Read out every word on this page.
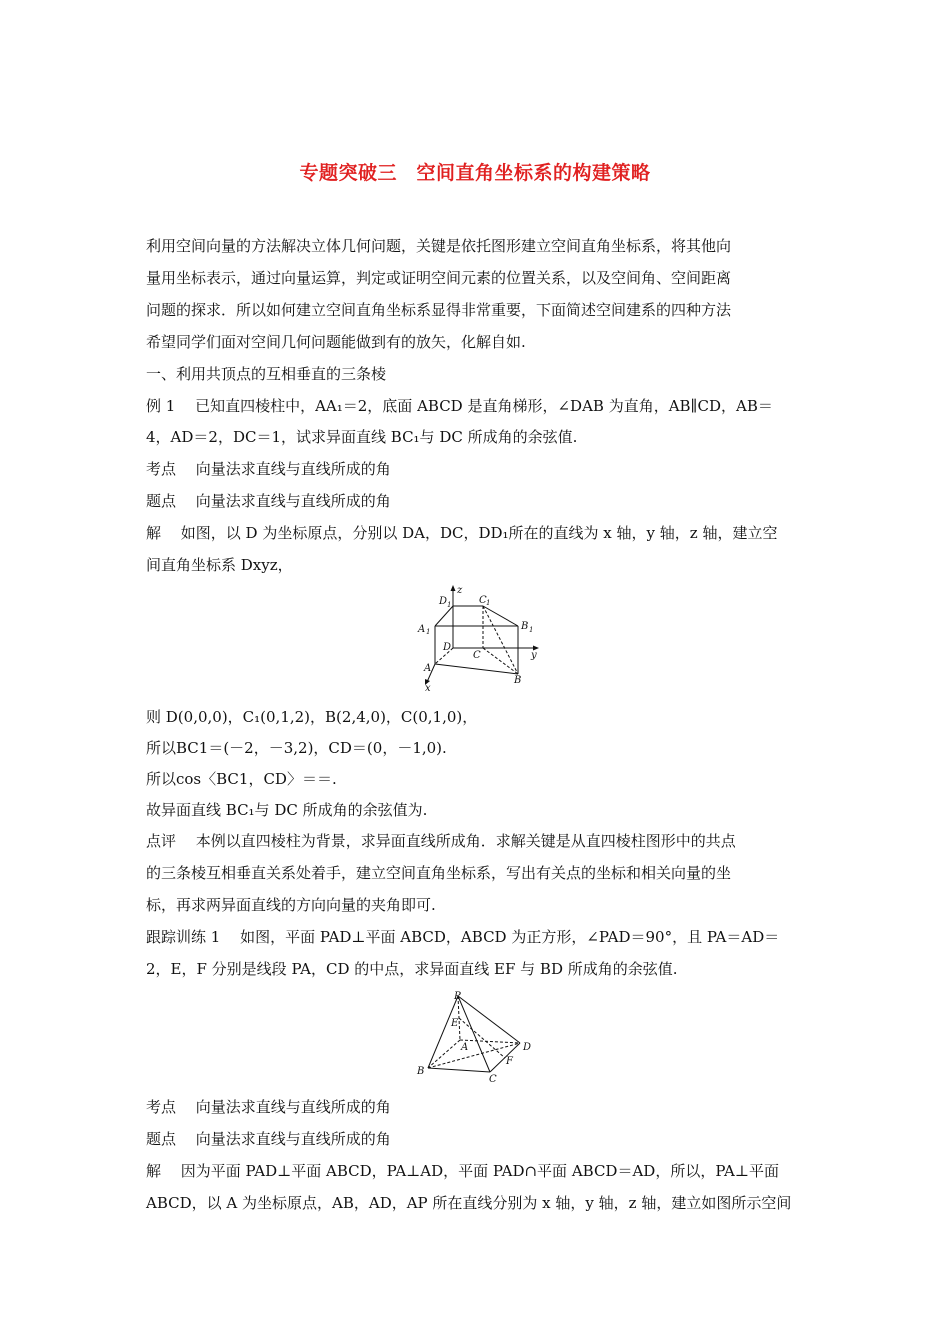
专题突破三　空间直角坐标系的构建策略
利用空间向量的方法解决立体几何问题，关键是依托图形建立空间直角坐标系，将其他向
量用坐标表示，通过向量运算，判定或证明空间元素的位置关系，以及空间角、空间距离
问题的探求．所以如何建立空间直角坐标系显得非常重要，下面简述空间建系的四种方法
希望同学们面对空间几何问题能做到有的放矢，化解自如.
一、利用共顶点的互相垂直的三条棱
例 1　 已知直四棱柱中，AA₁＝2，底面 ABCD 是直角梯形，∠DAB 为直角，AB∥CD，AB＝
4，AD＝2，DC＝1，试求异面直线 BC₁与 DC 所成角的余弦值.
考点　 向量法求直线与直线所成的角
题点　 向量法求直线与直线所成的角
解　 如图，以 D 为坐标原点，分别以 DA，DC，DD₁所在的直线为 x 轴，y 轴，z 轴，建立空
间直角坐标系 Dxyz，
D 1
z
C 1
A 1	B 1
D
C	y
A
B
x
则 D(0,0,0)，C₁(0,1,2)，B(2,4,0)，C(0,1,0)，
所以BC1＝(－2，－3,2)，CD＝(0，－1,0).
所以cos〈BC1，CD〉＝＝.
故异面直线 BC₁与 DC 所成角的余弦值为.
点评　 本例以直四棱柱为背景，求异面直线所成角．求解关键是从直四棱柱图形中的共点
的三条棱互相垂直关系处着手，建立空间直角坐标系，写出有关点的坐标和相关向量的坐
标，再求两异面直线的方向向量的夹角即可.
跟踪训练 1　 如图，平面 PAD⊥平面 ABCD，ABCD 为正方形，∠PAD＝90°，且 PA＝AD＝
2，E，F 分别是线段 PA，CD 的中点，求异面直线 EF 与 BD 所成角的余弦值.
P
E
A	D
F
B
C
考点　 向量法求直线与直线所成的角
题点　 向量法求直线与直线所成的角
解　 因为平面 PAD⊥平面 ABCD，PA⊥AD，平面 PAD∩平面 ABCD＝AD，所以，PA⊥平面
ABCD，以 A 为坐标原点，AB，AD，AP 所在直线分别为 x 轴，y 轴，z 轴，建立如图所示空间
